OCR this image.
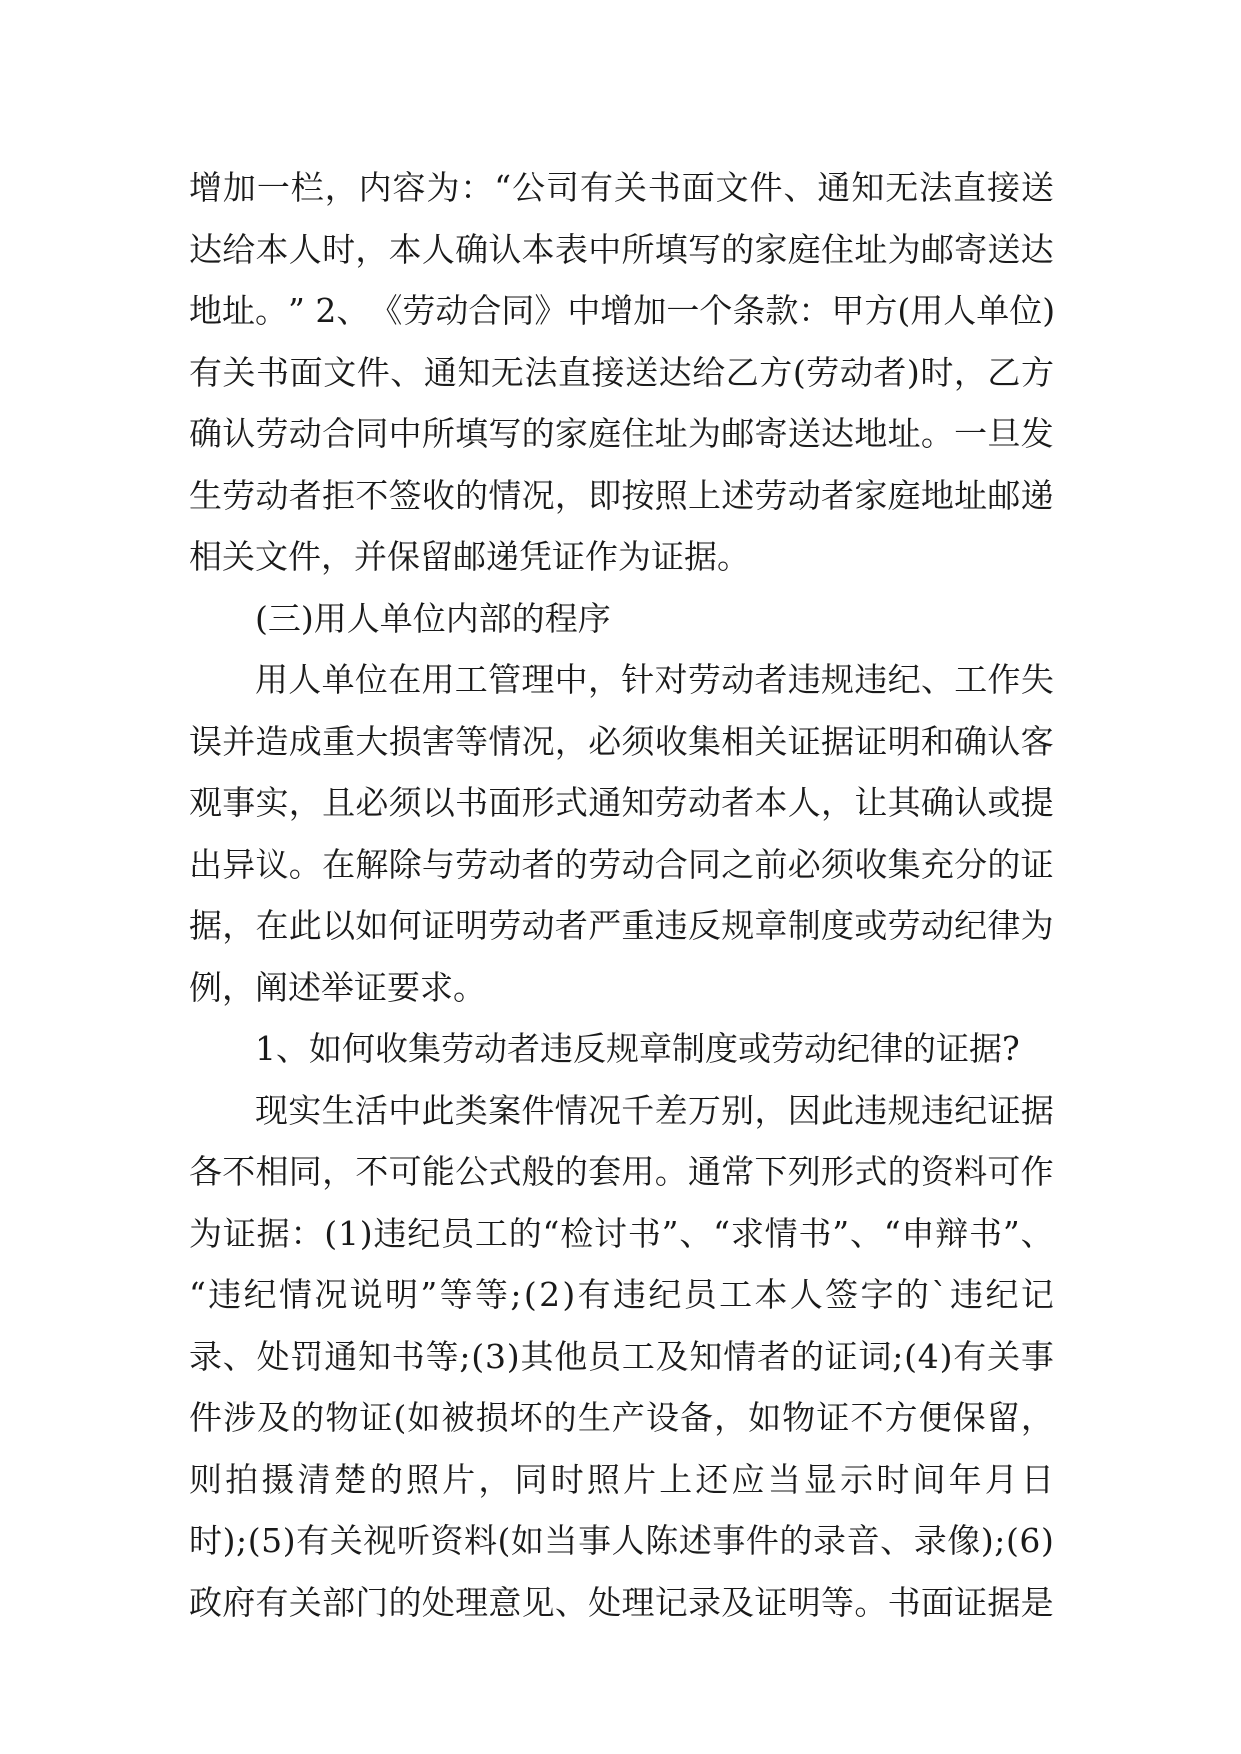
增 加 一 栏 ， 内 容 为 ： “ 公 司 有 关 书 面 文 件 、 通 知 无 法 直 接 送
达 给 本 人 时 ， 本 人 确 认 本 表 中 所 填 写 的 家 庭 住 址 为 邮 寄 送 达
地 址 。 ”
2 、 《 劳 动 合 同 》 中 增 加 一 个 条 款 ： 甲 方 ( 用 人 单 位 )
有 关 书 面 文 件 、 通 知 无 法 直 接 送 达 给 乙 方 ( 劳 动 者 ) 时 ， 乙 方
确 认 劳 动 合 同 中 所 填 写 的 家 庭 住 址 为 邮 寄 送 达 地 址 。 一 旦 发
生 劳 动 者 拒 不 签 收 的 情 况 ， 即 按 照 上 述 劳 动 者 家 庭 地 址 邮 递
相关文件，并保留邮递凭证作为证据。
(三)用人单位内部的程序
用 人 单 位 在 用 工 管 理 中 ， 针 对 劳 动 者 违 规 违 纪 、 工 作 失
误 并 造 成 重 大 损 害 等 情 况 ， 必 须 收 集 相 关 证 据 证 明 和 确 认 客
观 事 实 ， 且 必 须 以 书 面 形 式 通 知 劳 动 者 本 人 ， 让 其 确 认 或 提
出 异 议 。 在 解 除 与 劳 动 者 的 劳 动 合 同 之 前 必 须 收 集 充 分 的 证
据 ， 在 此 以 如 何 证 明 劳 动 者 严 重 违 反 规 章 制 度 或 劳 动 纪 律 为
例，阐述举证要求。
1、如何收集劳动者违反规章制度或劳动纪律的证据?
现 实 生 活 中 此 类 案 件 情 况 千 差 万 别 ， 因 此 违 规 违 纪 证 据
各 不 相 同 ， 不 可 能 公 式 般 的 套 用 。 通 常 下 列 形 式 的 资 料 可 作
为 证 据 ： ( 1 ) 违 纪 员 工 的 “ 检 讨 书 ” 、 “ 求 情 书 ” 、 “ 申 辩 书 ” 、
“ 违 纪 情 况 说 明 ” 等 等 ; ( 2 ) 有 违 纪 员 工 本 人 签 字 的 ` 违 纪 记
录 、 处 罚 通 知 书 等 ; ( 3 ) 其 他 员 工 及 知 情 者 的 证 词 ; ( 4 ) 有 关 事
件 涉 及 的 物 证 ( 如 被 损 坏 的 生 产 设 备 ， 如 物 证 不 方 便 保 留 ，
则 拍 摄 清 楚 的 照 片 ， 同 时 照 片 上 还 应 当 显 示 时 间 年 月 日
时 ) ; ( 5 ) 有 关 视 听 资 料 ( 如 当 事 人 陈 述 事 件 的 录 音 、 录 像 ) ; ( 6 )
政 府 有 关 部 门 的 处 理 意 见 、 处 理 记 录 及 证 明 等 。 书 面 证 据 是
